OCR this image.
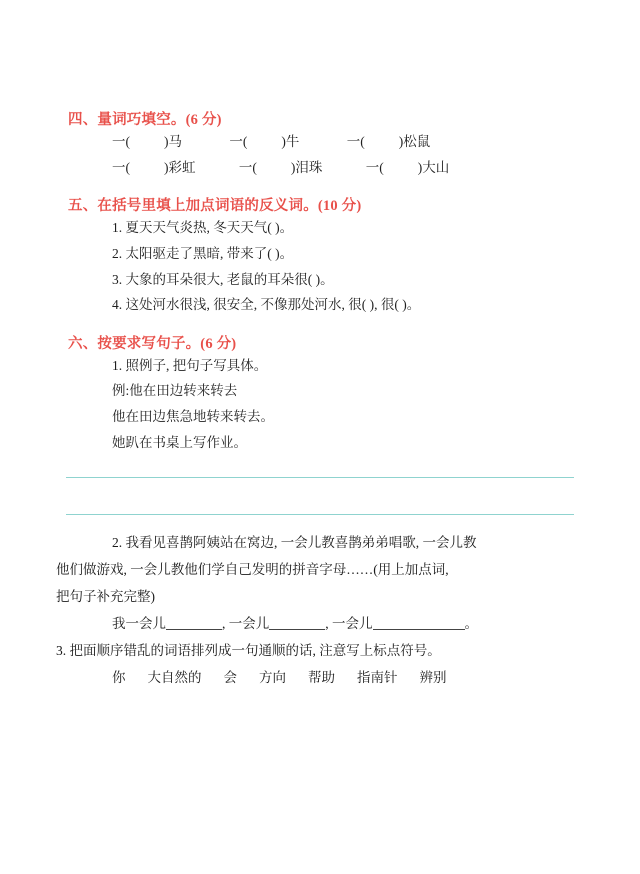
四、量词巧填空。(6 分)

一(	)马	一(	)牛	一(	)松鼠

一(	)彩虹	一(	)泪珠	一(	)大山

五、在括号里填上加点词语的反义词。(10 分)

1. 夏天天气炎热, 冬天天气( )。

2. 太阳驱走了黑暗, 带来了( )。

3. 大象的耳朵很大, 老鼠的耳朵很( )。

4. 这处河水很浅, 很安全, 不像那处河水, 很( ), 很( )。

六、按要求写句子。(6 分)

1. 照例子, 把句子写具体。

例:他在田边转来转去

他在田边焦急地转来转去。

她趴在书桌上写作业。

2. 我看见喜鹊阿姨站在窝边, 一会儿教喜鹊弟弟唱歌, 一会儿教

他们做游戏, 一会儿教他们学自己发明的拼音字母……(用上加点词,

把句子补充完整)

我一会儿	, 一会儿	, 一会儿	。

3. 把面顺序错乱的词语排列成一句通顺的话, 注意写上标点符号。

你 大自然的 会 方向 帮助 指南针 辨别
